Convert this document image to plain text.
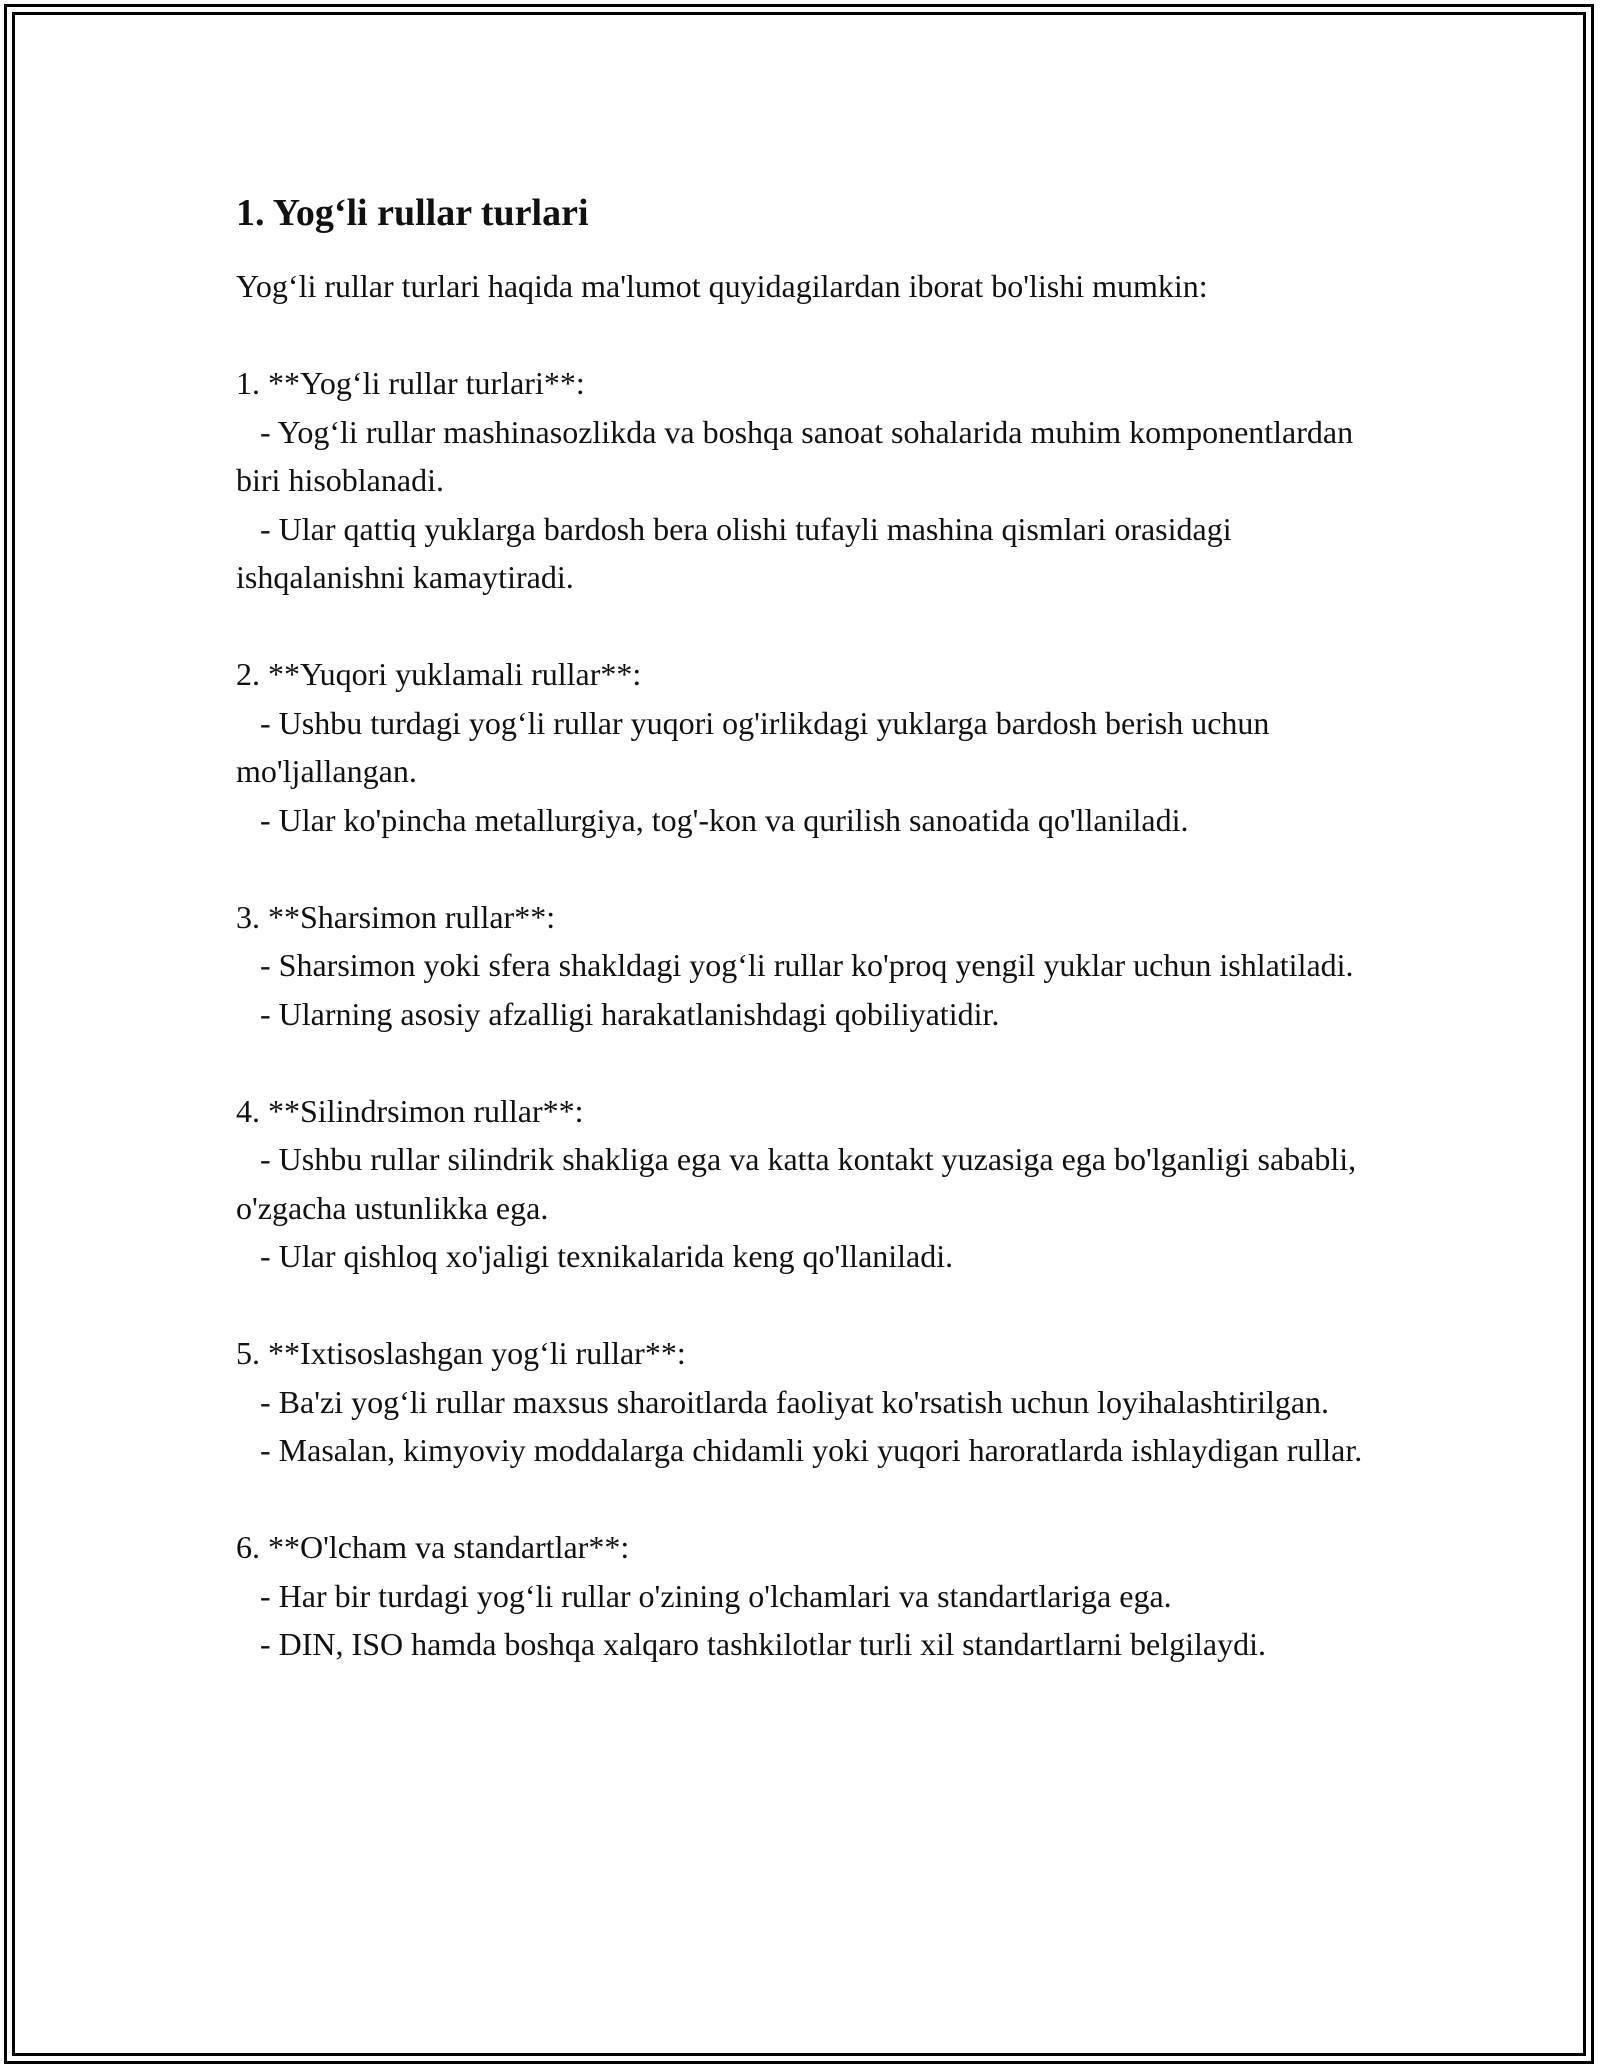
1. Yog‘li rullar turlari

Yog‘li rullar turlari haqida ma'lumot quyidagilardan iborat bo'lishi mumkin:

1. **Yog‘li rullar turlari**:
- Yog‘li rullar mashinasozlikda va boshqa sanoat sohalarida muhim komponentlardan biri hisoblanadi.
- Ular qattiq yuklarga bardosh bera olishi tufayli mashina qismlari orasidagi ishqalanishni kamaytiradi.
2. **Yuqori yuklamali rullar**:
- Ushbu turdagi yog‘li rullar yuqori og'irlikdagi yuklarga bardosh berish uchun mo'ljallangan.
- Ular ko'pincha metallurgiya, tog'-kon va qurilish sanoatida qo'llaniladi.
3. **Sharsimon rullar**:
- Sharsimon yoki sfera shakldagi yog‘li rullar ko'proq yengil yuklar uchun ishlatiladi.
- Ularning asosiy afzalligi harakatlanishdagi qobiliyatidir.
4. **Silindrsimon rullar**:
- Ushbu rullar silindrik shakliga ega va katta kontakt yuzasiga ega bo'lganligi sababli, o'zgacha ustunlikka ega.
- Ular qishloq xo'jaligi texnikalarida keng qo'llaniladi.
5. **Ixtisoslashgan yog‘li rullar**:
- Ba'zi yog‘li rullar maxsus sharoitlarda faoliyat ko'rsatish uchun loyihalashtirilgan.
- Masalan, kimyoviy moddalarga chidamli yoki yuqori haroratlarda ishlaydigan rullar.
6. **O'lcham va standartlar**:
- Har bir turdagi yog‘li rullar o'zining o'lchamlari va standartlariga ega.
- DIN, ISO hamda boshqa xalqaro tashkilotlar turli xil standartlarni belgilaydi.
